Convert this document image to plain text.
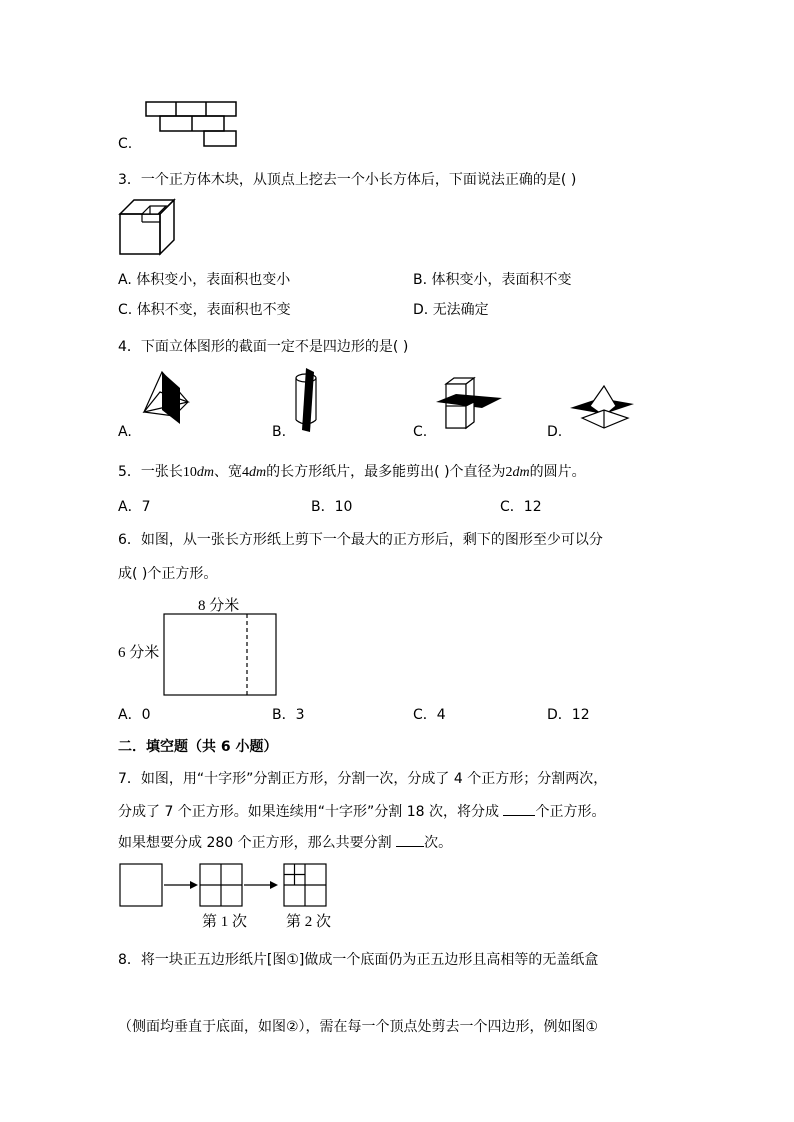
C.
3．一个正方体木块，从顶点上挖去一个小长方体后，下面说法正确的是( )
A. 体积变小，表面积也变小	B. 体积变小，表面积不变
C. 体积不变，表面积也不变	D. 无法确定
4．下面立体图形的截面一定不是四边形的是( )
A.	B.	C.	D.
5．一张长10dm、宽4dm的长方形纸片，最多能剪出( )个直径为2dm的圆片。
A．7	B．10	C．12
6．如图，从一张长方形纸上剪下一个最大的正方形后，剩下的图形至少可以分
成( )个正方形。
8 分米
6 分米
A．0	B．3	C．4	D．12
二．填空题（共 6 小题）
7．如图，用“十字形”分割正方形，分割一次，分成了 4 个正方形；分割两次，
分成了 7 个正方形。如果连续用“十字形”分割 18 次，将分成 个正方形。
如果想要分成 280 个正方形，那么共要分割 次。
第 1 次	第 2 次
8．将一块正五边形纸片[图①]做成一个底面仍为正五边形且高相等的无盖纸盒
（侧面均垂直于底面，如图②），需在每一个顶点处剪去一个四边形，例如图①
